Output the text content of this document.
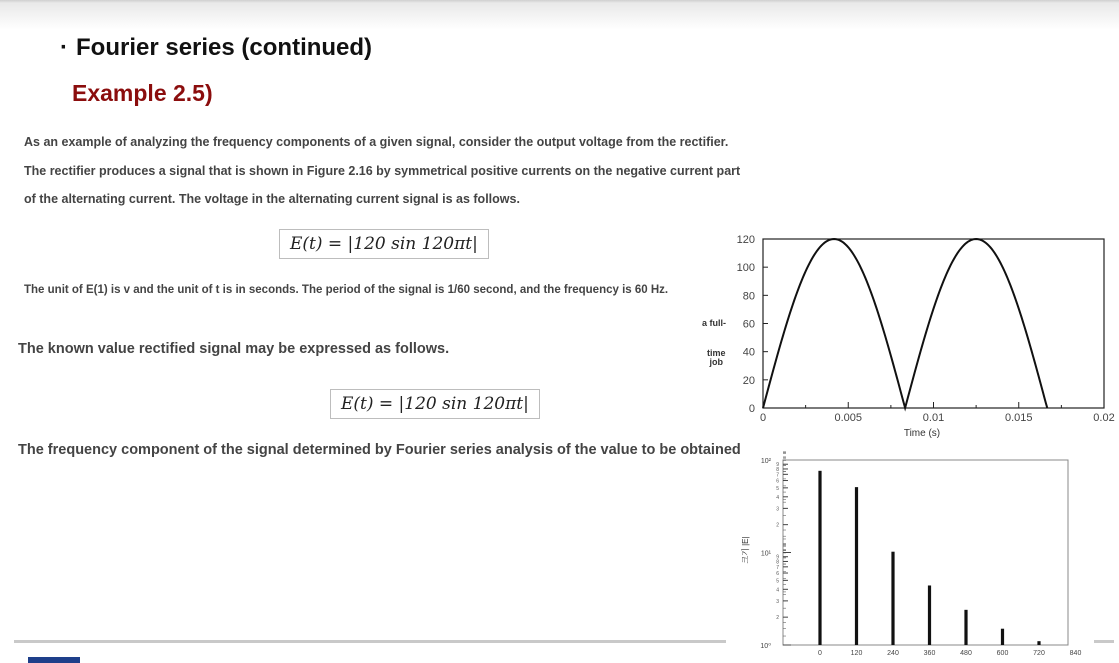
· Fourier series (continued)
Example 2.5)
As an example of analyzing the frequency components of a given signal, consider the output voltage from the rectifier.
The rectifier produces a signal that is shown in Figure 2.16 by symmetrical positive currents on the negative current part
of the alternating current. The voltage in the alternating current signal is as follows.
E(t) = |120 sin 120πt|
The unit of E(1) is v and the unit of t is in seconds. The period of the signal is 1/60 second, and the frequency is 60 Hz.
The known value rectified signal may be expressed as follows.
E(t) = |120 sin 120πt|
The frequency component of the signal determined by Fourier series analysis of the value to be obtained
a full-
time
job
0
20
40
60
80
100
120
0	0.005	0.01	0.015	0.02
Time (s)
크기 |E|
2
3
4
5
6
7
8
9
2
3
4
5
6
7
8
9
10⁰
10¹
10²
0	120	240	360	480	600	720	840
